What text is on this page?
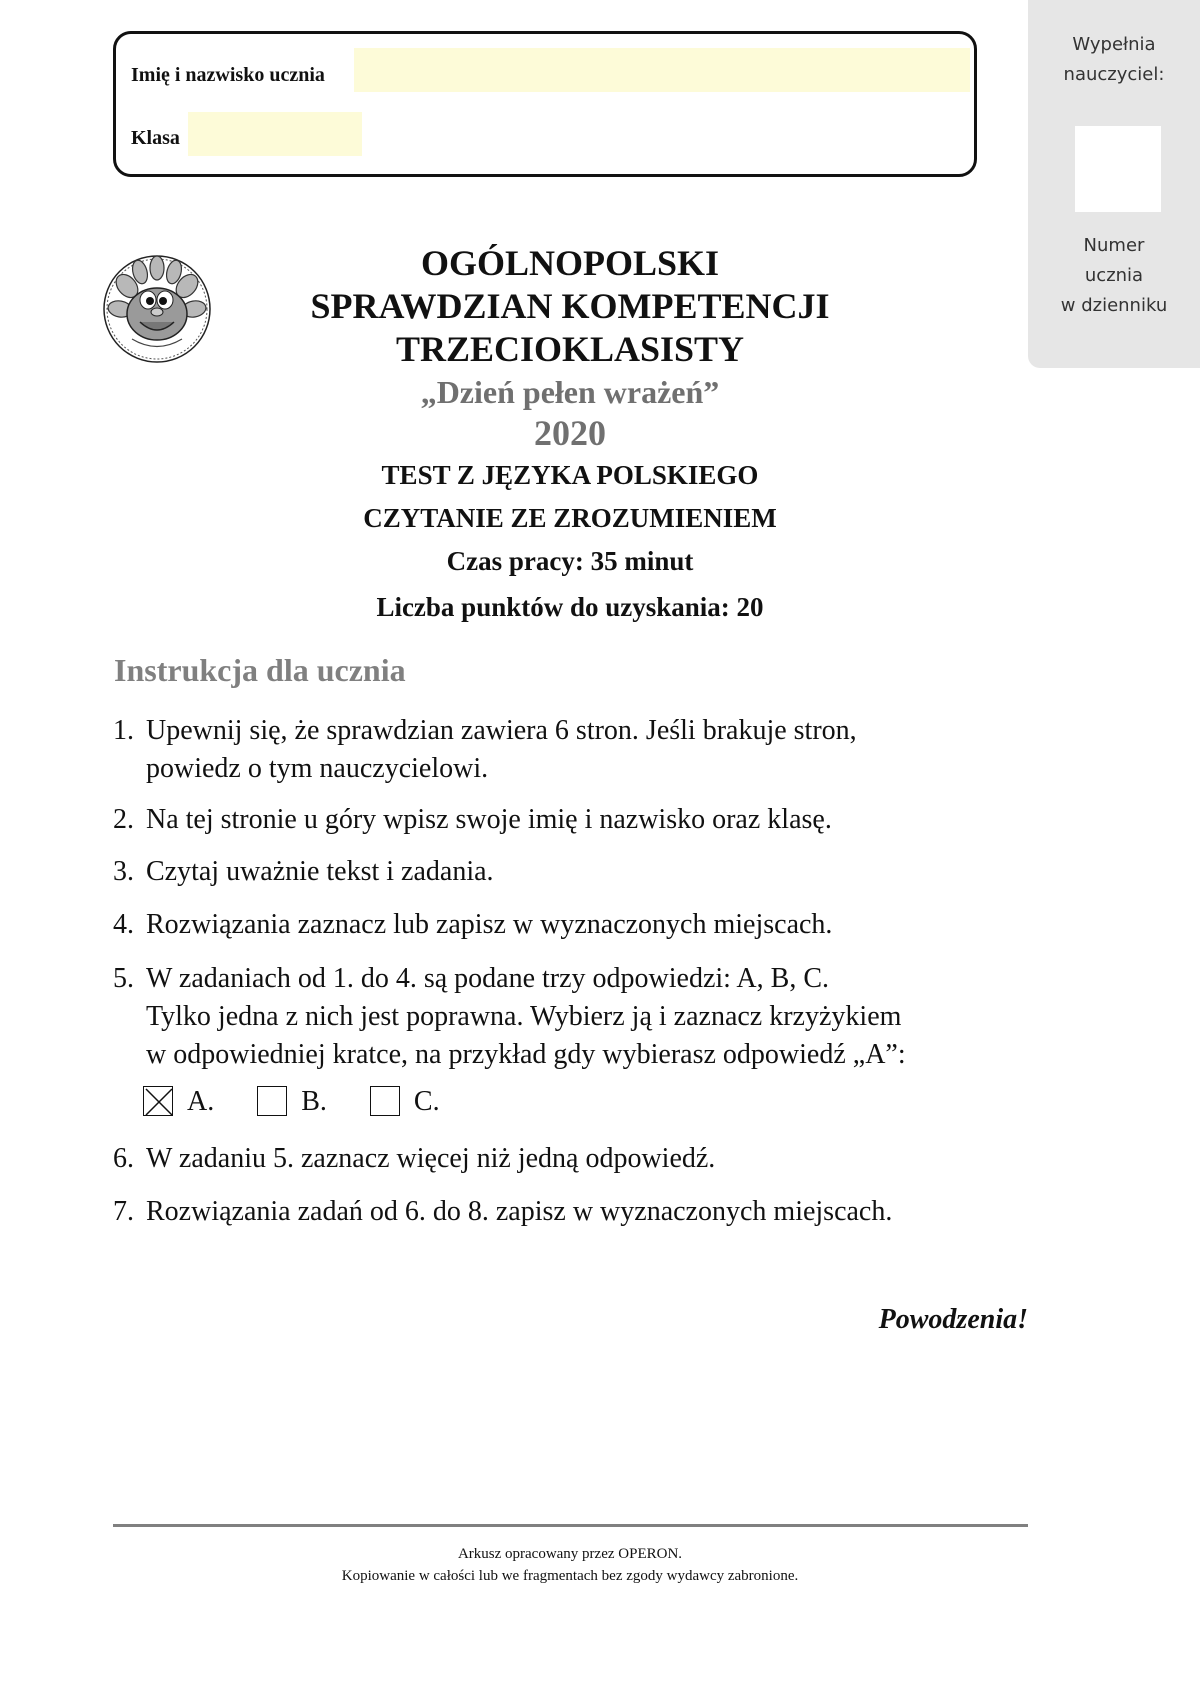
Imię i nazwisko ucznia
Klasa
Wypełnia
nauczyciel:
Numer
ucznia
w dzienniku
OGÓLNOPOLSKI
SPRAWDZIAN KOMPETENCJI
TRZECIOKLASISTY
„Dzień pełen wrażeń”
2020
TEST Z JĘZYKA POLSKIEGO
CZYTANIE ZE ZROZUMIENIEM
Czas pracy: 35 minut
Liczba punktów do uzyskania: 20
Instrukcja dla ucznia
1. Upewnij się, że sprawdzian zawiera 6 stron. Jeśli brakuje stron,
powiedz o tym nauczycielowi.
2. Na tej stronie u góry wpisz swoje imię i nazwisko oraz klasę.
3. Czytaj uważnie tekst i zadania.
4. Rozwiązania zaznacz lub zapisz w wyznaczonych miejscach.
5. W zadaniach od 1. do 4. są podane trzy odpowiedzi: A, B, C.
Tylko jedna z nich jest poprawna. Wybierz ją i zaznacz krzyżykiem
w odpowiedniej kratce, na przykład gdy wybierasz odpowiedź „A”:
A.	B.	C.
6. W zadaniu 5. zaznacz więcej niż jedną odpowiedź.
7. Rozwiązania zadań od 6. do 8. zapisz w wyznaczonych miejscach.
Powodzenia!
Arkusz opracowany przez OPERON.
Kopiowanie w całości lub we fragmentach bez zgody wydawcy zabronione.
